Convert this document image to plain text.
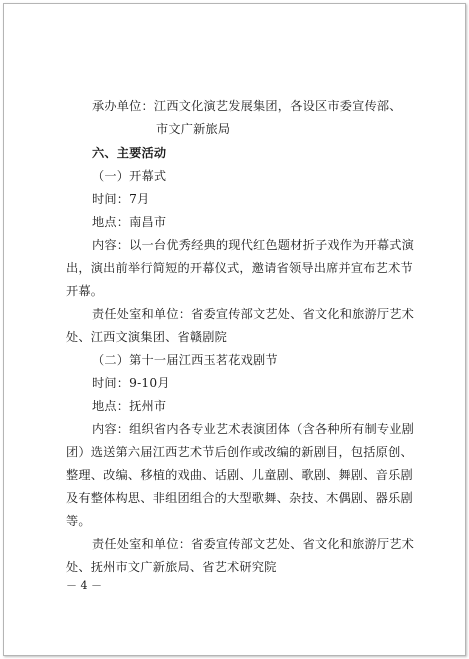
承办单位：江西文化演艺发展集团，各设区市委宣传部、
市文广新旅局
六、主要活动
（一）开幕式
时间：7月
地点：南昌市
内容：以一台优秀经典的现代红色题材折子戏作为开幕式演
出，演出前举行简短的开幕仪式，邀请省领导出席并宣布艺术节
开幕。
责任处室和单位：省委宣传部文艺处、省文化和旅游厅艺术
处、江西文演集团、省赣剧院
（二）第十一届江西玉茗花戏剧节
时间：9-10月
地点：抚州市
内容：组织省内各专业艺术表演团体（含各种所有制专业剧
团）选送第六届江西艺术节后创作或改编的新剧目，包括原创、
整理、改编、移植的戏曲、话剧、儿童剧、歌剧、舞剧、音乐剧
及有整体构思、非组团组合的大型歌舞、杂技、木偶剧、器乐剧
等。
责任处室和单位：省委宣传部文艺处、省文化和旅游厅艺术
处、抚州市文广新旅局、省艺术研究院
－ 4 －
